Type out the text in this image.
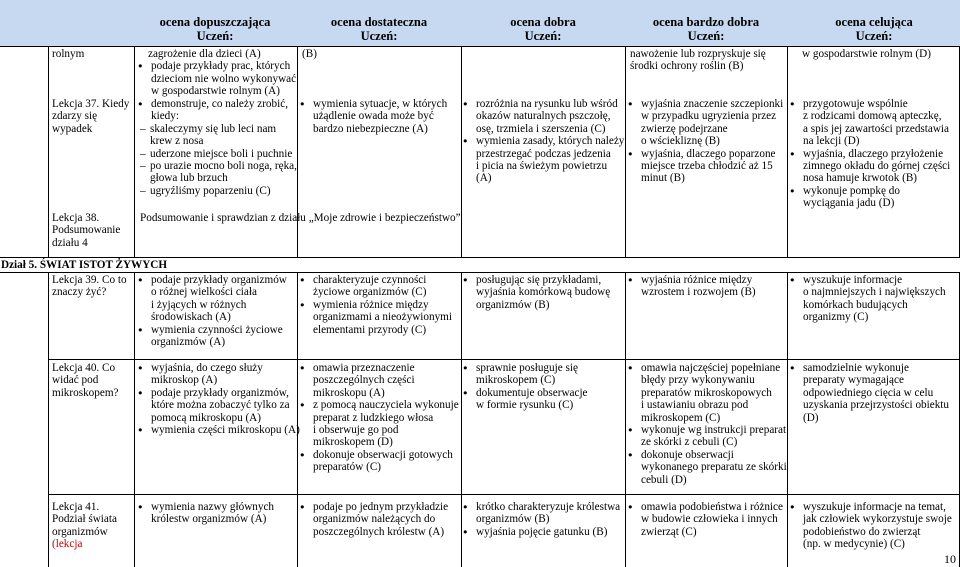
ocena dopuszczająca
Uczeń:
ocena dostateczna
Uczeń:
ocena dobra
Uczeń:
ocena bardzo dobra
Uczeń:
ocena celująca
Uczeń:
rolnym	zagrożenie dla dzieci (A)
● podaje przykłady prac, których
dzieciom nie wolno wykonywać
w gospodarstwie rolnym (A)
(B)	nawożenie lub rozpryskuje się
środki ochrony roślin (B)
w gospodarstwie rolnym (D)
Lekcja 37. Kiedy
zdarzy się
wypadek
● demonstruje, co należy zrobić,
kiedy:
– skaleczymy się lub leci nam
krew z nosa
– uderzone miejsce boli i puchnie
– po urazie mocno boli noga, ręka,
głowa lub brzuch
– ugryźliśmy poparzeniu (C)
● wymienia sytuacje, w których
użądlenie owada może być
bardzo niebezpieczne (A)
● rozróżnia na rysunku lub wśród
okazów naturalnych pszczołę,
osę, trzmiela i szerszenia (C)
● wymienia zasady, których należy
przestrzegać podczas jedzenia
i picia na świeżym powietrzu
(A)
● wyjaśnia znaczenie szczepionki
w przypadku ugryzienia przez
zwierzę podejrzane
o wściekliznę (B)
● wyjaśnia, dlaczego poparzone
miejsce trzeba chłodzić aż 15
minut (B)
● przygotowuje wspólnie
z rodzicami domową apteczkę,
a spis jej zawartości przedstawia
na lekcji (D)
● wyjaśnia, dlaczego przyłożenie
zimnego okładu do górnej części
nosa hamuje krwotok (B)
● wykonuje pompkę do
wyciągania jadu (D)
Lekcja 38.
Podsumowanie
działu 4
Podsumowanie i sprawdzian z działu „Moje zdrowie i bezpieczeństwo”
Dział 5. ŚWIAT ISTOT ŻYWYCH
Lekcja 39. Co to
znaczy żyć?
● podaje przykłady organizmów
o różnej wielkości ciała
i żyjących w różnych
środowiskach (A)
● wymienia czynności życiowe
organizmów (A)
● charakteryzuje czynności
życiowe organizmów (C)
● wymienia różnice między
organizmami a nieożywionymi
elementami przyrody (C)
● posługując się przykładami,
wyjaśnia komórkową budowę
organizmów (B)
● wyjaśnia różnice między
wzrostem i rozwojem (B)
● wyszukuje informacje
o najmniejszych i największych
komórkach budujących
organizmy (C)
Lekcja 40. Co
widać pod
mikroskopem?
● wyjaśnia, do czego służy
mikroskop (A)
● podaje przykłady organizmów,
które można zobaczyć tylko za
pomocą mikroskopu (A)
● wymienia części mikroskopu (A)
● omawia przeznaczenie
poszczególnych części
mikroskopu (A)
● z pomocą nauczyciela wykonuje
preparat z ludzkiego włosa
i obserwuje go pod
mikroskopem (D)
● dokonuje obserwacji gotowych
preparatów (C)
● sprawnie posługuje się
mikroskopem (C)
● dokumentuje obserwacje
w formie rysunku (C)
● omawia najczęściej popełniane
błędy przy wykonywaniu
preparatów mikroskopowych
i ustawianiu obrazu pod
mikroskopem (C)
● wykonuje wg instrukcji preparat
ze skórki z cebuli (C)
● dokonuje obserwacji
wykonanego preparatu ze skórki
cebuli (D)
● samodzielnie wykonuje
preparaty wymagające
odpowiedniego cięcia w celu
uzyskania przejrzystości obiektu
(D)
Lekcja 41.
Podział świata
organizmów
(lekcja
● wymienia nazwy głównych
królestw organizmów (A)
● podaje po jednym przykładzie
organizmów należących do
poszczególnych królestw (A)
● krótko charakteryzuje królestwa
organizmów (B)
● wyjaśnia pojęcie gatunku (B)
● omawia podobieństwa i różnice
w budowie człowieka i innych
zwierząt (C)
● wyszukuje informacje na temat,
jak człowiek wykorzystuje swoje
podobieństwo do zwierząt
(np. w medycynie) (C)
10
